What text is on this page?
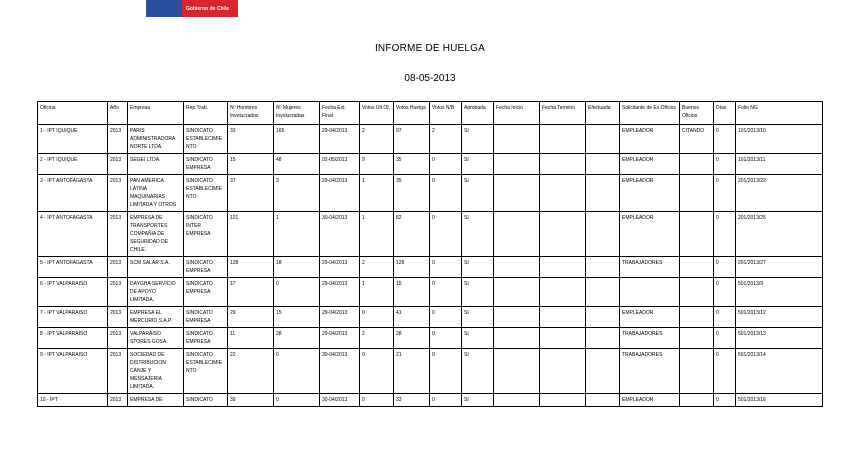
Gobierno de Chile
INFORME DE HUELGA
08-05-2013
Oficina	Año	Empresa	Rep.Trab.	Nº Hombres Involucrados	Nº Mujeres Involucradas	Fecha Ext. Final	Votos Ult.Of.	Votos Huelga	Votos N/B	Aprobada	Fecha Inicio	Fecha Termino	Efectuada	Solicitante de Ex.Oficios	Buenos Oficios	Días	Folio NG
1 - IPT IQUIQUE	2013	PARIS ADMINISTRADORA NORTE LTDA.	SINDICATO ESTABLECIMIENTO	33	165	29-04/2013	2	97	2	SI				EMPLEADOR	CITANDO	0	101/2013/10
2 - IPT IQUIQUE	2013	SEGEI LTDA.	SINDICATO EMPRESA	15	48	02-05/2013	9	35	0	SI				EMPLEADOR		0	101/2013/11
3 - IPT ANTOFAGASTA	2013	PAN AMERICA LATINA MAQUINARIAS LIMITADA Y OTROS	SINDICATO ESTABLECIMIENTO	37	3	29-04/2013	1	35	0	SI				EMPLEADOR		0	201/2013/22
4 - IPT ANTOFAGASTA	2013	EMPRESA DE TRANSPORTES COMPAÑIA DE SEGURIDAD DE CHILE.	SINDICATO INTER EMPRESA	121	1	30-04/2013	1	82	0	SI				EMPLEADOR		0	201/2013/25
5 - IPT ANTOFAGASTA	2013	SCM SALAR S.A.	SINDICATO EMPRESA	128	18	29-04/2013	2	128	0	SI				TRABAJADORES		0	201/2013/27
6 - IPT VALPARAISO	2013	DAYGHA SERVICIO DE APOYO LIMITADA.	SINDICATO EMPRESA	17	0	29-04/2013	1	15	0	SI						0	501/2013/9
7 - IPT VALPARAISO	2013	EMPRESA EL MERCURIO S.A.P.	SINDICATO EMPRESA	29	15	29-04/2013	0	41	0	SI				EMPLEADOR		0	501/2013/12
8 - IPT VALPARAISO	2013	VALPARAISO STORES GOSA.	SINDICATO EMPRESA	11	28	29-04/2013	2	28	0	SI				TRABAJADORES		0	501/2013/13
9 - IPT VALPARAISO	2013	SOCIEDAD DE DISTRIBUCION CANJE Y MENSAJERIA LIMITADA.	SINDICATO ESTABLECIMIENTO	22	0	30-04/2013	0	21	0	SI				TRABAJADORES		0	501/2013/14
10 - IPT	2013	EMPRESA DE	SINDICATO	39	0	30-04/2013	0	33	0	SI				EMPLEADOR		0	501/2013/16
